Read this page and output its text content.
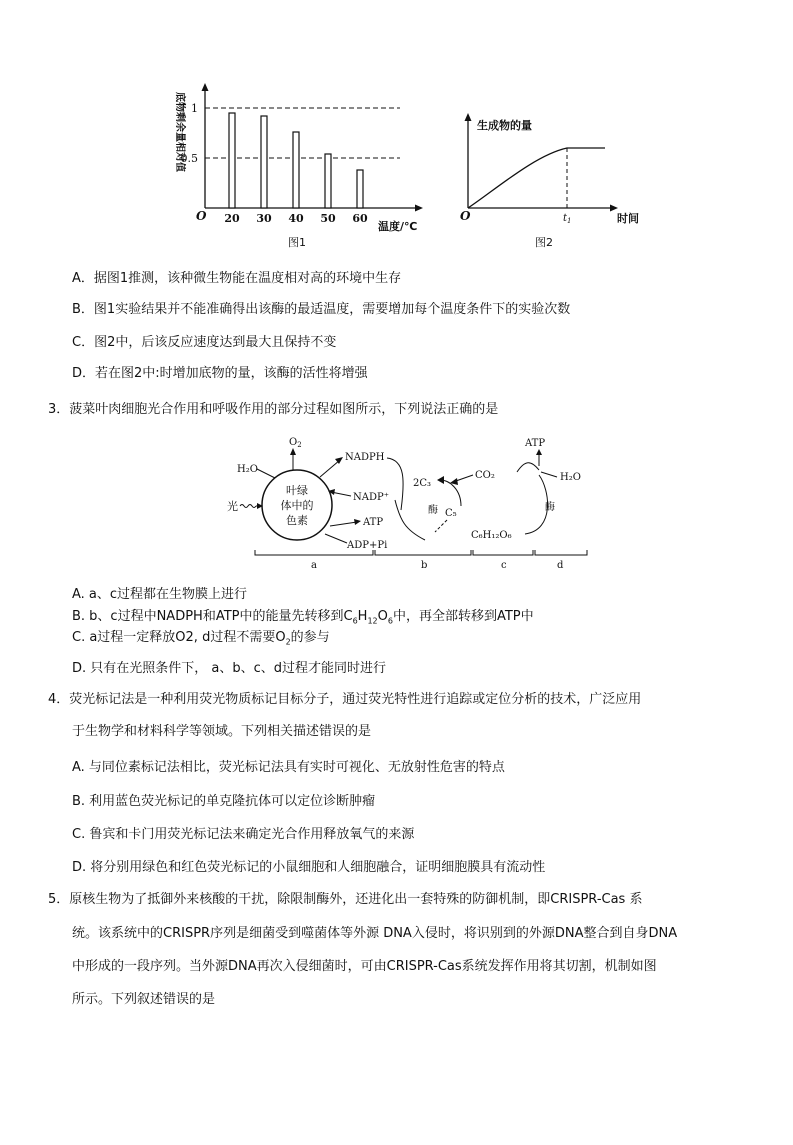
1
0.5
O
底物剩余量相对值
20 30 40 50 60
温度/℃
图1
生成物的量
O	$t_1$	时间
图2
A．据图1推测，该种微生物能在温度相对高的环境中生存
B．图1实验结果并不能准确得出该酶的最适温度，需要增加每个温度条件下的实验次数
C．图2中，后该反应速度达到最大且保持不变
D．若在图2中:时增加底物的量，该酶的活性将增强
3．菠菜叶肉细胞光合作用和呼吸作用的部分过程如图所示，下列说法正确的是
叶绿
体中的
色素
$O_2$
H₂O
光
NADPH
NADP⁺
ATP
ADP+Pi
2C₃
酶 C₅
CO₂
C₆H₁₂O₆
ATP
H₂O
酶
a	b	c	d
A. a、c过程都在生物膜上进行
B. b、c过程中NADPH和ATP中的能量先转移到$C_6H_{12}O_6$中，再全部转移到ATP中
C. a过程一定释放O2, d过程不需要$O_2$的参与
D. 只有在光照条件下， a、b、c、d过程才能同时进行
4．荧光标记法是一种利用荧光物质标记目标分子，通过荧光特性进行追踪或定位分析的技术，广泛应用
于生物学和材料科学等领域。下列相关描述错误的是
A. 与同位素标记法相比，荧光标记法具有实时可视化、无放射性危害的特点
B. 利用蓝色荧光标记的单克隆抗体可以定位诊断肿瘤
C. 鲁宾和卡门用荧光标记法来确定光合作用释放氧气的来源
D. 将分别用绿色和红色荧光标记的小鼠细胞和人细胞融合，证明细胞膜具有流动性
5．原核生物为了抵御外来核酸的干扰，除限制酶外，还进化出一套特殊的防御机制，即CRISPR-Cas 系
统。该系统中的CRISPR序列是细菌受到噬菌体等外源 DNA入侵时，将识别到的外源DNA整合到自身DNA
中形成的一段序列。当外源DNA再次入侵细菌时，可由CRISPR-Cas系统发挥作用将其切割，机制如图
所示。下列叙述错误的是
